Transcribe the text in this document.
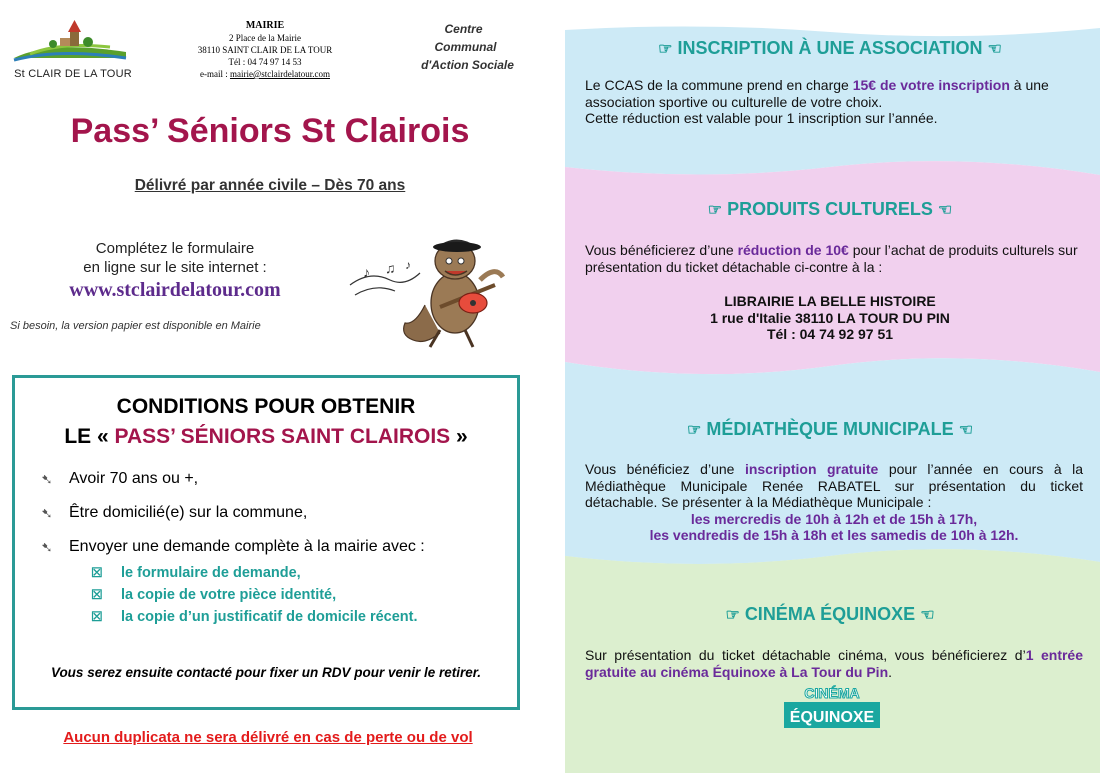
St CLAIR DE LA TOUR
MAIRIE
2 Place de la Mairie
38110 SAINT CLAIR DE LA TOUR
Tél : 04 74 97 14 53
e-mail : mairie@stclairdelatour.com
Centre
Communal
d'Action Sociale
Pass’ Séniors St Clairois
Délivré par année civile – Dès 70 ans
Complétez le formulaire
en ligne sur le site internet :
www.stclairdelatour.com
Si besoin, la version papier est disponible en Mairie
♪ ♫ ♪
CONDITIONS POUR OBTENIR
LE « PASS’ SÉNIORS SAINT CLAIROIS »
➷ Avoir 70 ans ou +,
➷ Être domicilié(e) sur la commune,
➷ Envoyer une demande complète à la mairie avec :
☒ le formulaire de demande,
☒ la copie de votre pièce identité,
☒ la copie d’un justificatif de domicile récent.
Vous serez ensuite contacté pour fixer un RDV pour venir le retirer.
Aucun duplicata ne sera délivré en cas de perte ou de vol
☞ INSCRIPTION À UNE ASSOCIATION ☜
Le CCAS de la commune prend en charge 15€ de votre inscription à une association sportive ou culturelle de votre choix.
Cette réduction est valable pour 1 inscription sur l’année.
☞ PRODUITS CULTURELS ☜
Vous bénéficierez d’une réduction de 10€ pour l’achat de produits culturels sur présentation du ticket détachable ci-contre à la :
LIBRAIRIE LA BELLE HISTOIRE
1 rue d'Italie 38110 LA TOUR DU PIN
Tél : 04 74 92 97 51
☞ MÉDIATHÈQUE MUNICIPALE ☜
Vous bénéficiez d’une inscription gratuite pour l’année en cours à la Médiathèque Municipale Renée RABATEL sur présentation du ticket détachable. Se présenter à la Médiathèque Municipale :
les mercredis de 10h à 12h et de 15h à 17h,
les vendredis de 15h à 18h et les samedis de 10h à 12h.
☞ CINÉMA ÉQUINOXE ☜
Sur présentation du ticket détachable cinéma, vous bénéficierez d’1 entrée gratuite au cinéma Équinoxe à La Tour du Pin.
CINÉMA
ÉQUINOXE
